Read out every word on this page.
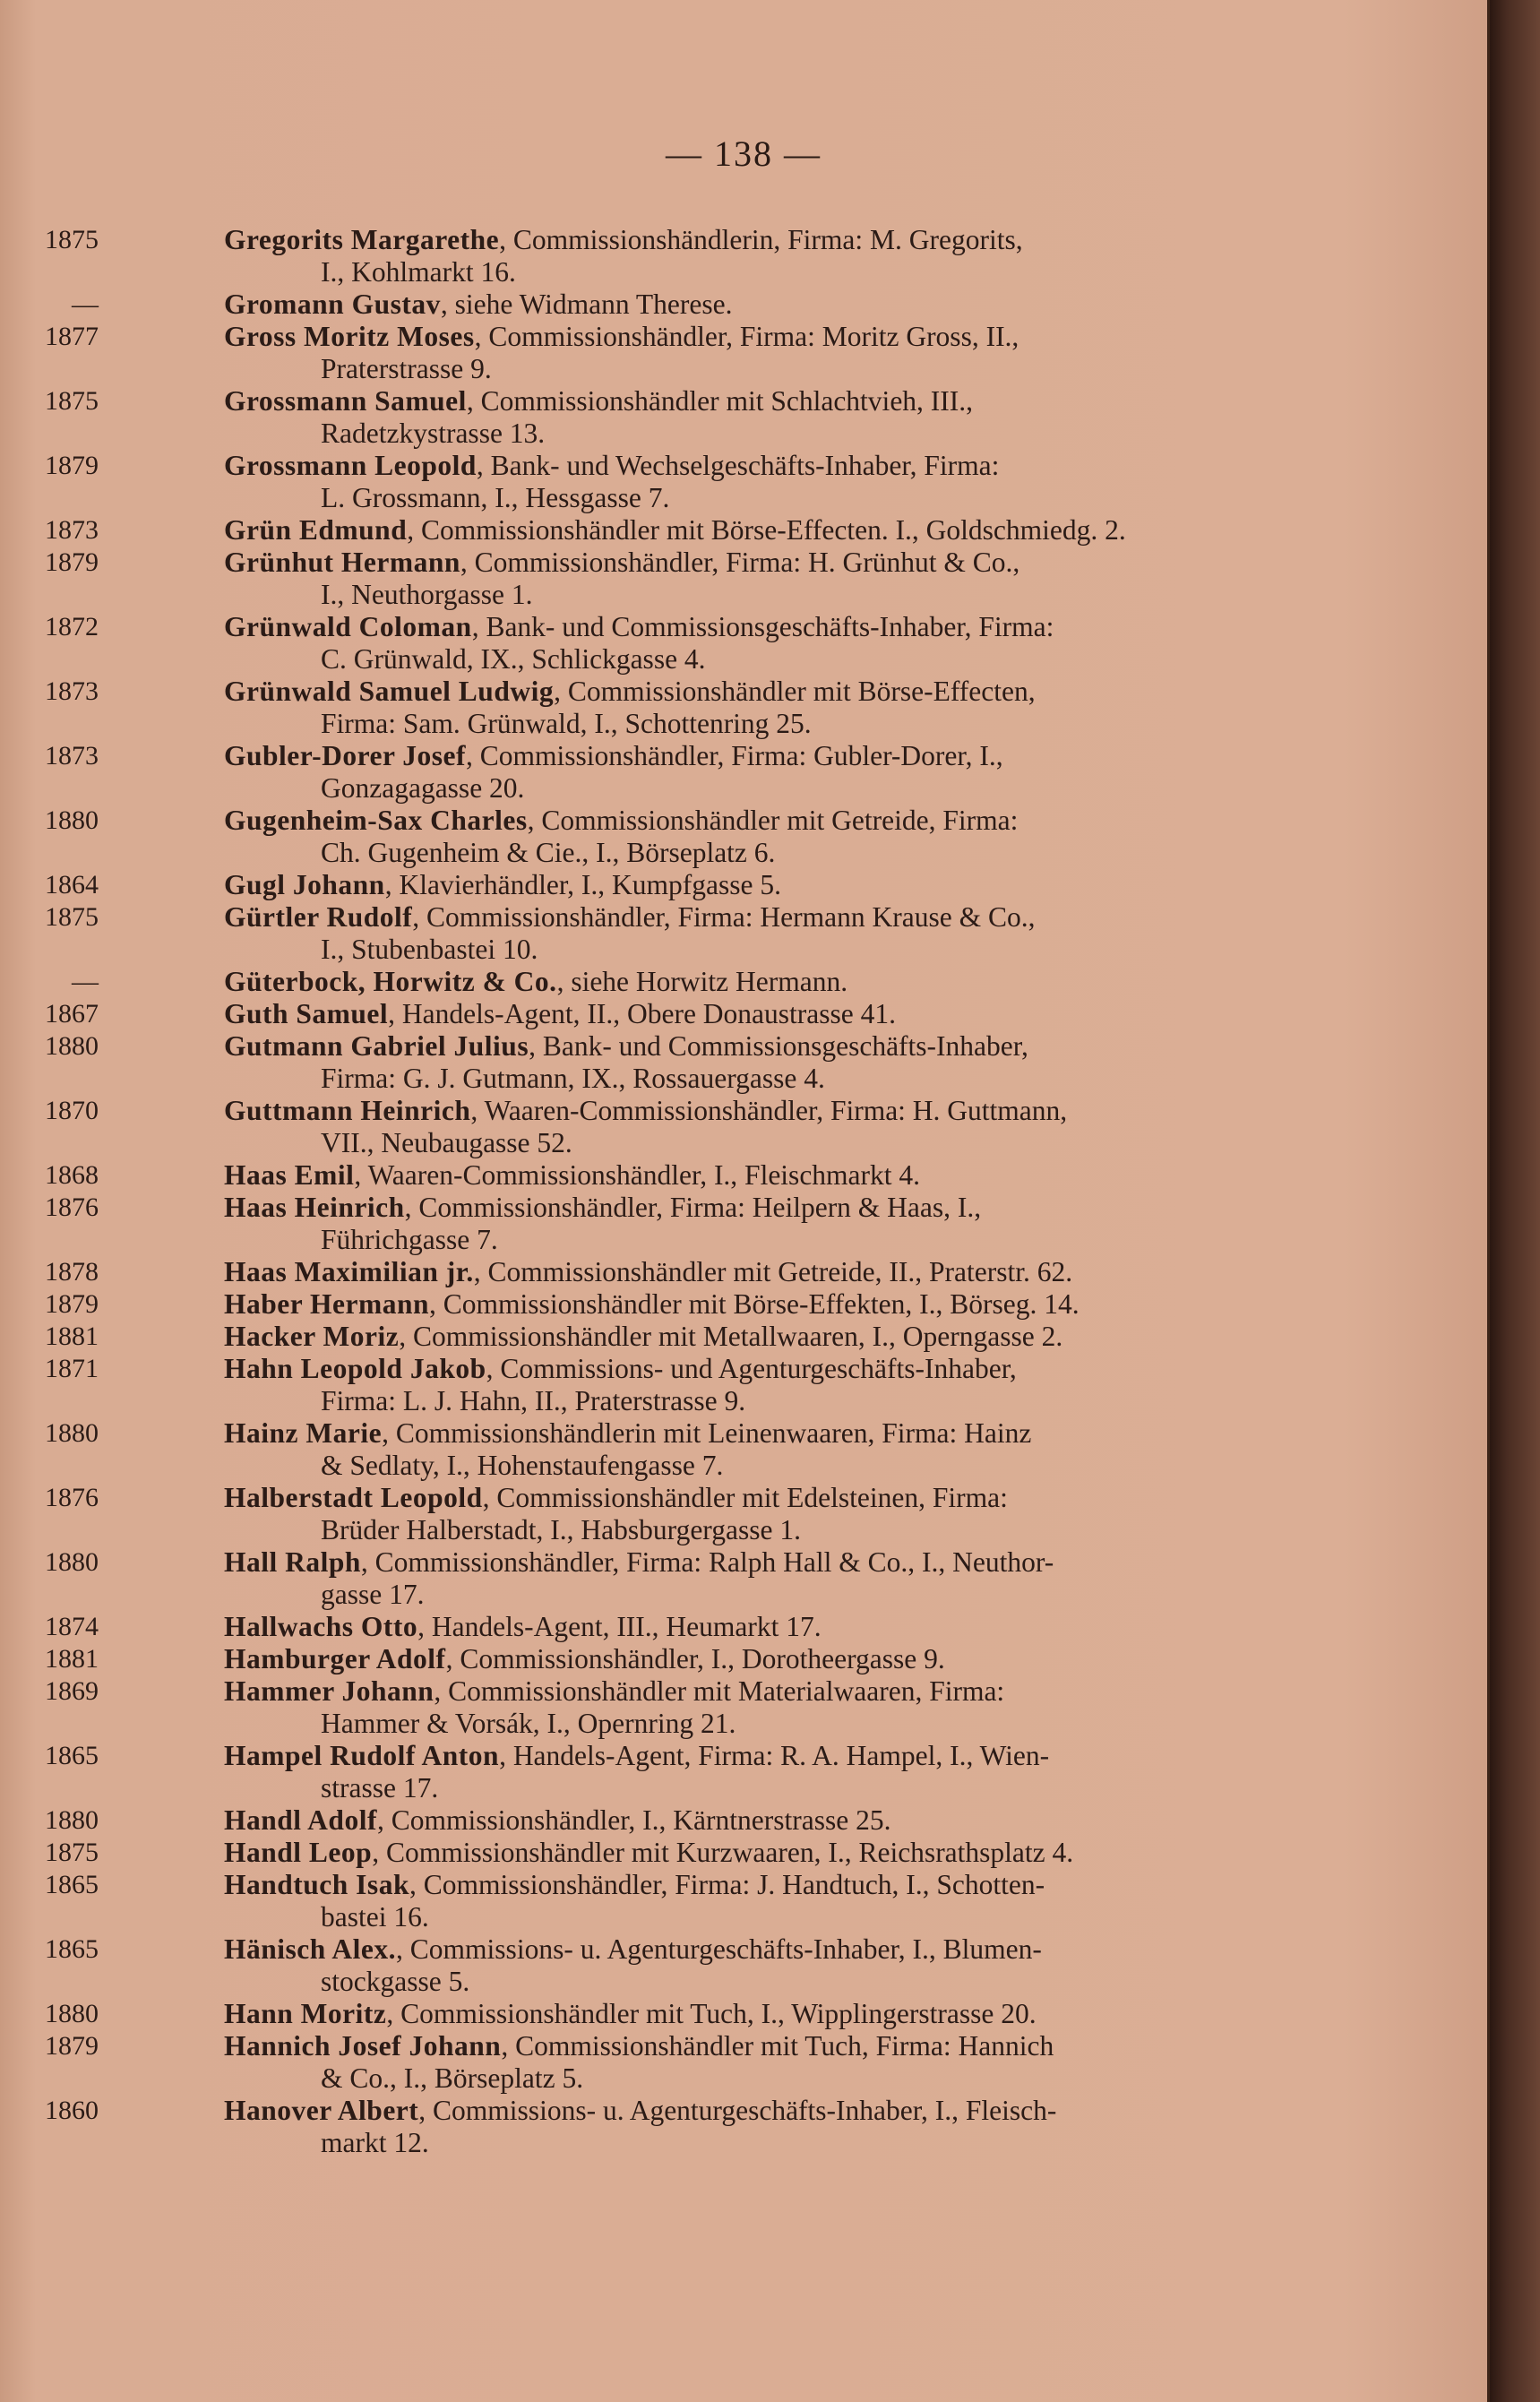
— 138 —
1875	Gregorits Margarethe, Commissionshändlerin, Firma: M. Gregorits,
I., Kohlmarkt 16.
—	Gromann Gustav, siehe Widmann Therese.
1877	Gross Moritz Moses, Commissionshändler, Firma: Moritz Gross, II.,
Praterstrasse 9.
1875	Grossmann Samuel, Commissionshändler mit Schlachtvieh, III.,
Radetzkystrasse 13.
1879	Grossmann Leopold, Bank- und Wechselgeschäfts-Inhaber, Firma:
L. Grossmann, I., Hessgasse 7.
1873	Grün Edmund, Commissionshändler mit Börse-Effecten. I., Goldschmiedg. 2.
1879	Grünhut Hermann, Commissionshändler, Firma: H. Grünhut & Co.,
I., Neuthorgasse 1.
1872	Grünwald Coloman, Bank- und Commissionsgeschäfts-Inhaber, Firma:
C. Grünwald, IX., Schlickgasse 4.
1873	Grünwald Samuel Ludwig, Commissionshändler mit Börse-Effecten,
Firma: Sam. Grünwald, I., Schottenring 25.
1873	Gubler-Dorer Josef, Commissionshändler, Firma: Gubler-Dorer, I.,
Gonzagagasse 20.
1880	Gugenheim-Sax Charles, Commissionshändler mit Getreide, Firma:
Ch. Gugenheim & Cie., I., Börseplatz 6.
1864	Gugl Johann, Klavierhändler, I., Kumpfgasse 5.
1875	Gürtler Rudolf, Commissionshändler, Firma: Hermann Krause & Co.,
I., Stubenbastei 10.
—	Güterbock, Horwitz & Co., siehe Horwitz Hermann.
1867	Guth Samuel, Handels-Agent, II., Obere Donaustrasse 41.
1880	Gutmann Gabriel Julius, Bank- und Commissionsgeschäfts-Inhaber,
Firma: G. J. Gutmann, IX., Rossauergasse 4.
1870	Guttmann Heinrich, Waaren-Commissionshändler, Firma: H. Guttmann,
VII., Neubaugasse 52.
1868	Haas Emil, Waaren-Commissionshändler, I., Fleischmarkt 4.
1876	Haas Heinrich, Commissionshändler, Firma: Heilpern & Haas, I.,
Führichgasse 7.
1878	Haas Maximilian jr., Commissionshändler mit Getreide, II., Praterstr. 62.
1879	Haber Hermann, Commissionshändler mit Börse-Effekten, I., Börseg. 14.
1881	Hacker Moriz, Commissionshändler mit Metallwaaren, I., Operngasse 2.
1871	Hahn Leopold Jakob, Commissions- und Agenturgeschäfts-Inhaber,
Firma: L. J. Hahn, II., Praterstrasse 9.
1880	Hainz Marie, Commissionshändlerin mit Leinenwaaren, Firma: Hainz
& Sedlaty, I., Hohenstaufengasse 7.
1876	Halberstadt Leopold, Commissionshändler mit Edelsteinen, Firma:
Brüder Halberstadt, I., Habsburgergasse 1.
1880	Hall Ralph, Commissionshändler, Firma: Ralph Hall & Co., I., Neuthor-
gasse 17.
1874	Hallwachs Otto, Handels-Agent, III., Heumarkt 17.
1881	Hamburger Adolf, Commissionshändler, I., Dorotheergasse 9.
1869	Hammer Johann, Commissionshändler mit Materialwaaren, Firma:
Hammer & Vorsák, I., Opernring 21.
1865	Hampel Rudolf Anton, Handels-Agent, Firma: R. A. Hampel, I., Wien-
strasse 17.
1880	Handl Adolf, Commissionshändler, I., Kärntnerstrasse 25.
1875	Handl Leop, Commissionshändler mit Kurzwaaren, I., Reichsrathsplatz 4.
1865	Handtuch Isak, Commissionshändler, Firma: J. Handtuch, I., Schotten-
bastei 16.
1865	Hänisch Alex., Commissions- u. Agenturgeschäfts-Inhaber, I., Blumen-
stockgasse 5.
1880	Hann Moritz, Commissionshändler mit Tuch, I., Wipplingerstrasse 20.
1879	Hannich Josef Johann, Commissionshändler mit Tuch, Firma: Hannich
& Co., I., Börseplatz 5.
1860	Hanover Albert, Commissions- u. Agenturgeschäfts-Inhaber, I., Fleisch-
markt 12.
